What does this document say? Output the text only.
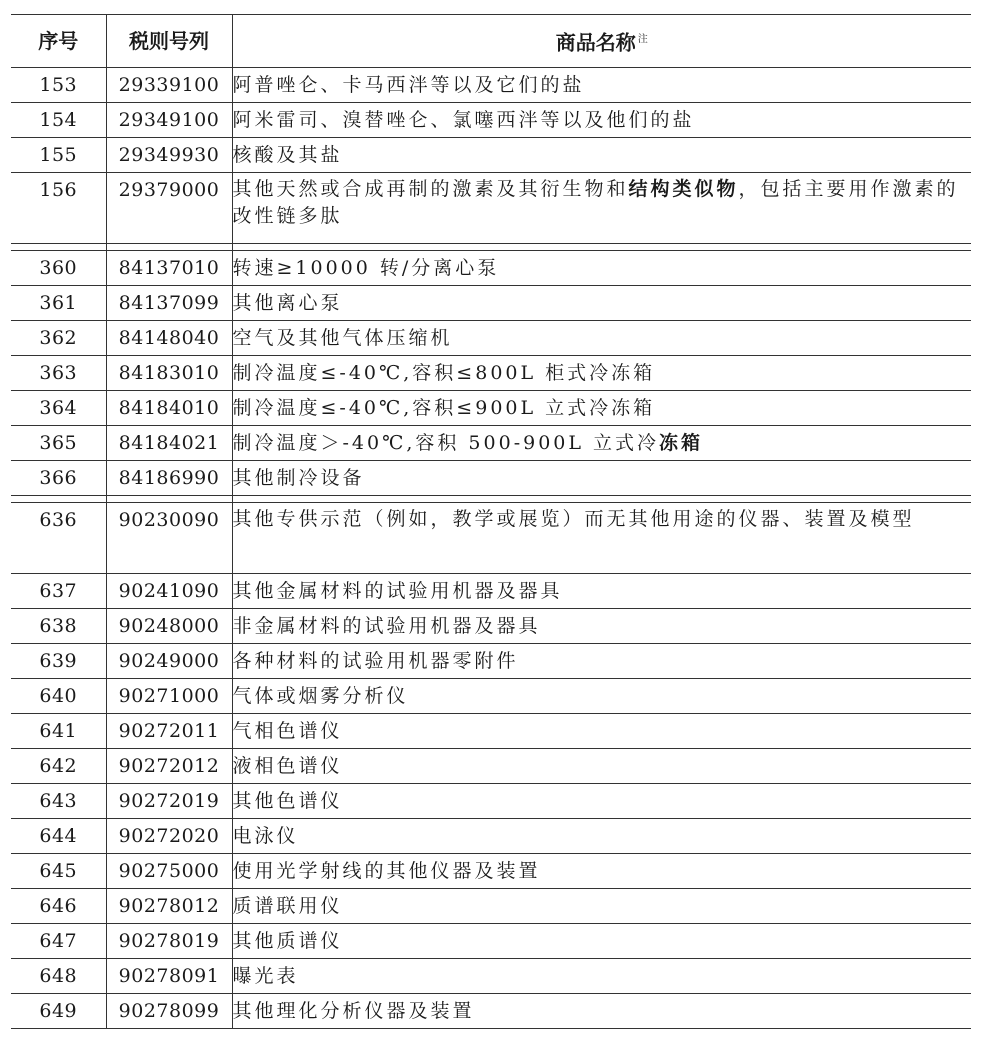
序号	税则号列	商品名称 $^注$
153	29339100	阿普唑仑、卡马西泮等以及它们的盐
154	29349100	阿米雷司、溴替唑仑、氯噻西泮等以及他们的盐
155	29349930	核酸及其盐
156	29379000	其他天然或合成再制的激素及其衍生物和结构类似物，包括主要用作激素的改性链多肽

360	84137010	转速≥10000 转/分离心泵
361	84137099	其他离心泵
362	84148040	空气及其他气体压缩机
363	84183010	制冷温度≤-40℃,容积≤800L 柜式冷冻箱
364	84184010	制冷温度≤-40℃,容积≤900L 立式冷冻箱
365	84184021	制冷温度＞-40℃,容积 500-900L 立式冷冻箱
366	84186990	其他制冷设备

636	90230090	其他专供示范（例如，教学或展览）而无其他用途的仪器、装置及模型
637	90241090	其他金属材料的试验用机器及器具
638	90248000	非金属材料的试验用机器及器具
639	90249000	各种材料的试验用机器零附件
640	90271000	气体或烟雾分析仪
641	90272011	气相色谱仪
642	90272012	液相色谱仪
643	90272019	其他色谱仪
644	90272020	电泳仪
645	90275000	使用光学射线的其他仪器及装置
646	90278012	质谱联用仪
647	90278019	其他质谱仪
648	90278091	曝光表
649	90278099	其他理化分析仪器及装置
